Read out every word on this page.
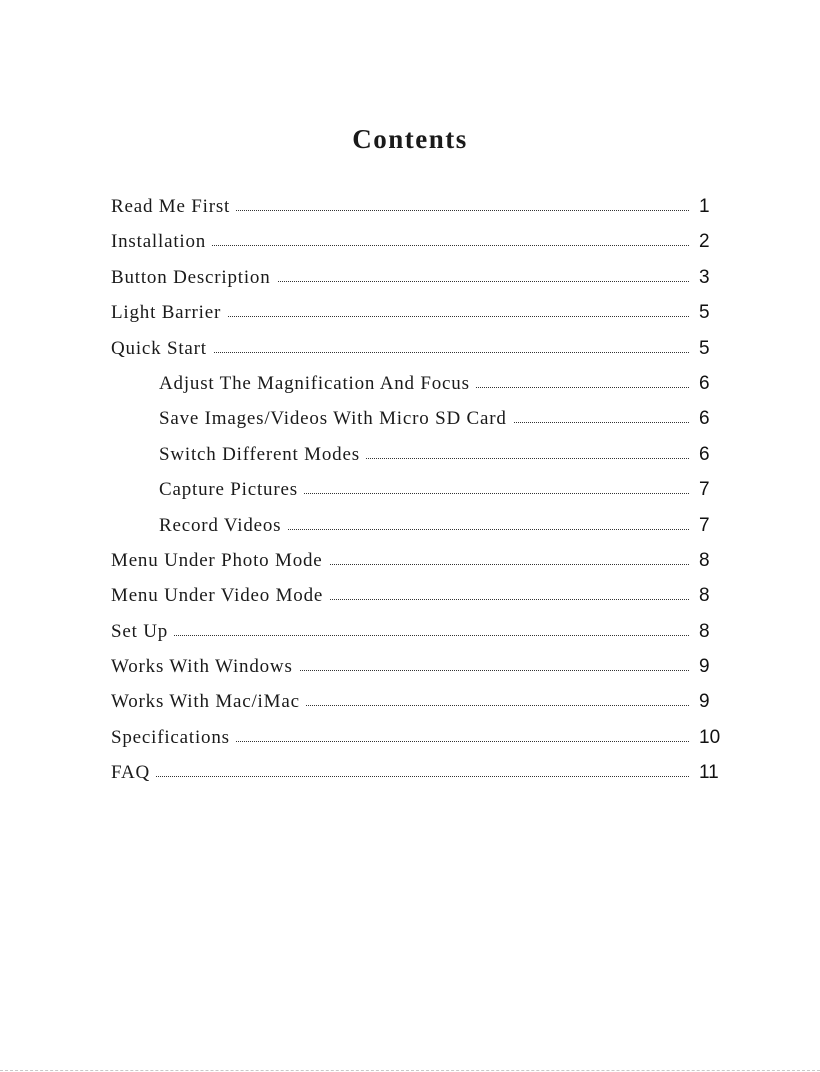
Contents
Read Me First	1
Installation	2
Button Description	3
Light Barrier	5
Quick Start	5
Adjust The Magnification And Focus	6
Save Images/Videos With Micro SD Card	6
Switch Different Modes	6
Capture Pictures	7
Record Videos	7
Menu Under Photo Mode	8
Menu Under Video Mode	8
Set Up	8
Works With Windows	9
Works With Mac/iMac	9
Specifications	10
FAQ	11
